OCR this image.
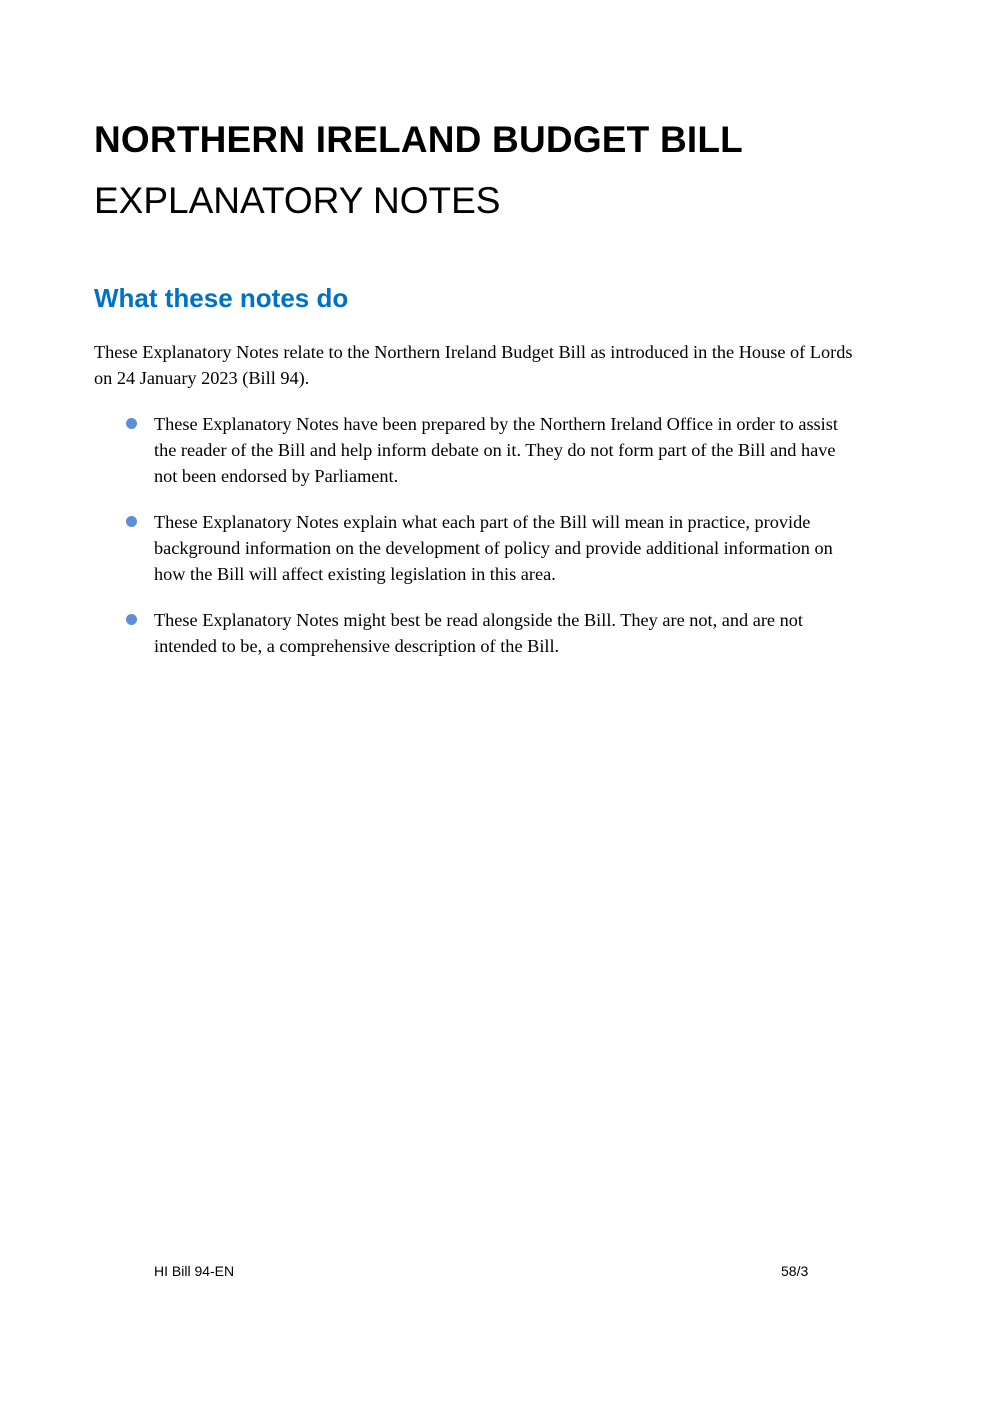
NORTHERN IRELAND BUDGET BILL
EXPLANATORY NOTES
What these notes do

These Explanatory Notes relate to the Northern Ireland Budget Bill as introduced in the House of Lords on 24 January 2023 (Bill 94).

These Explanatory Notes have been prepared by the Northern Ireland Office in order to assist the reader of the Bill and help inform debate on it. They do not form part of the Bill and have not been endorsed by Parliament.
These Explanatory Notes explain what each part of the Bill will mean in practice, provide background information on the development of policy and provide additional information on how the Bill will affect existing legislation in this area.
These Explanatory Notes might best be read alongside the Bill. They are not, and are not intended to be, a comprehensive description of the Bill.
HI Bill 94-EN	58/3
